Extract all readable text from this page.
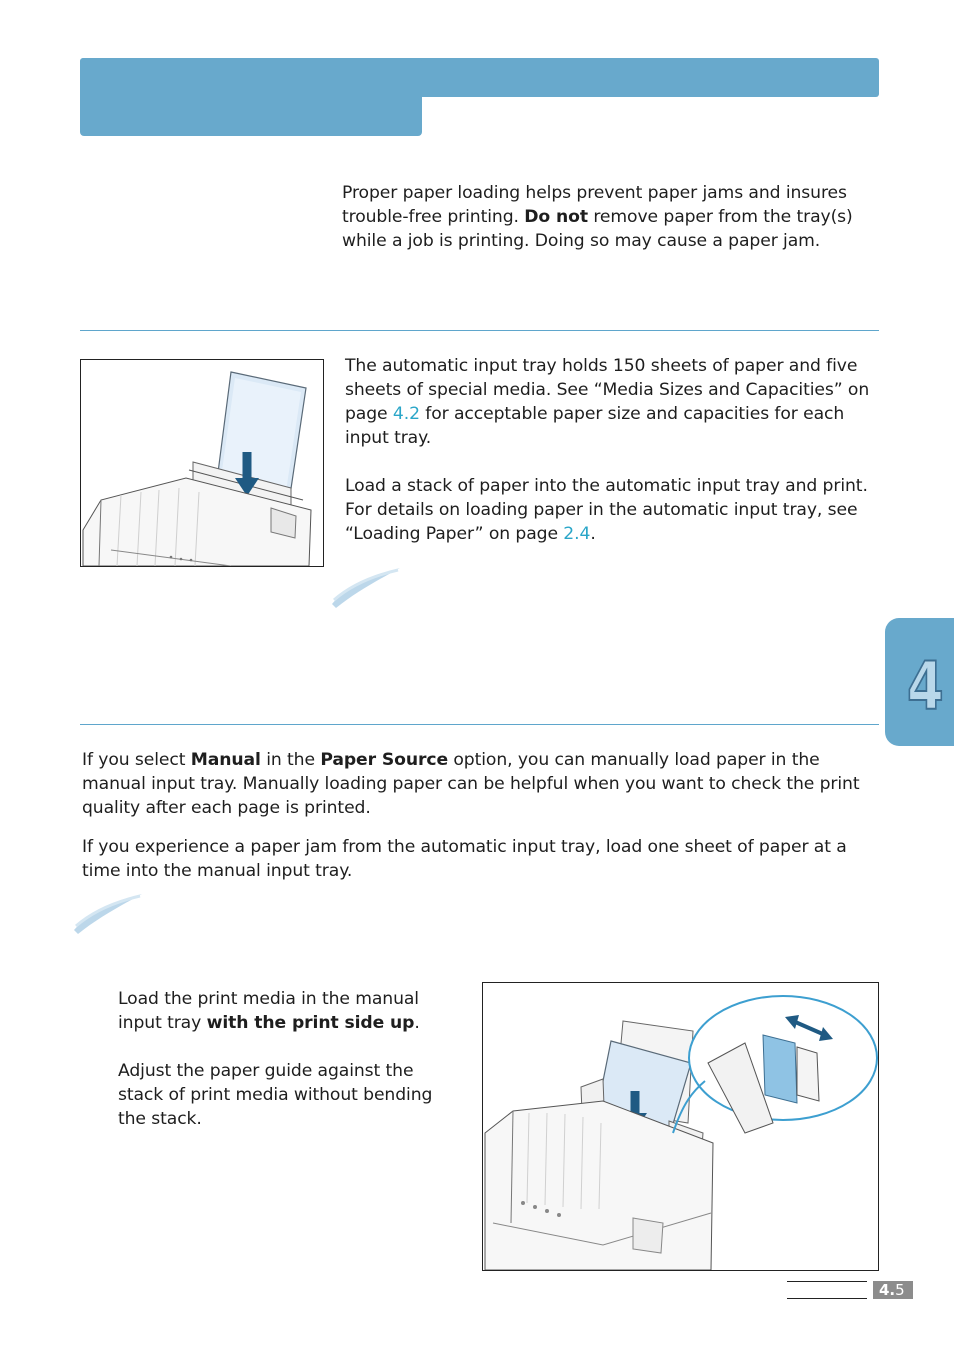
Proper paper loading helps prevent paper jams and insures

trouble-free printing. Do not remove paper from the tray(s)

while a job is printing. Doing so may cause a paper jam.

The automatic input tray holds 150 sheets of paper and five

sheets of special media. See “Media Sizes and Capacities” on

page 4.2 for acceptable paper size and capacities for each

input tray.

Load a stack of paper into the automatic input tray and print.

For details on loading paper in the automatic input tray, see

“Loading Paper” on page 2.4.

4

If you select Manual in the Paper Source option, you can manually load paper in the

manual input tray. Manually loading paper can be helpful when you want to check the print

quality after each page is printed.

If you experience a paper jam from the automatic input tray, load one sheet of paper at a

time into the manual input tray.

Load the print media in the manual

input tray with the print side up.

Adjust the paper guide against the

stack of print media without bending

the stack.

4.5
